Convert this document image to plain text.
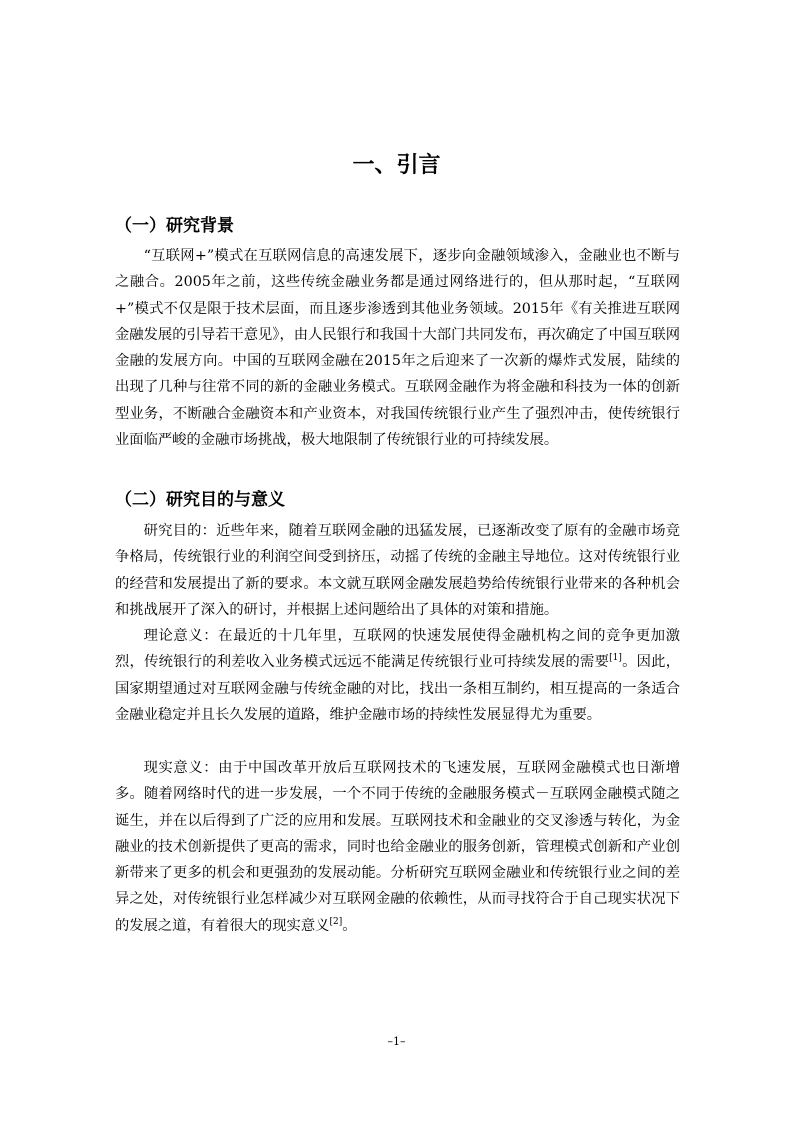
一、引言
（一）研究背景

“互联网+”模式在互联网信息的高速发展下，逐步向金融领域渗入，金融业也不断与之融合。2005年之前，这些传统金融业务都是通过网络进行的，但从那时起，“互联网+”模式不仅是限于技术层面，而且逐步渗透到其他业务领域。2015年《有关推进互联网金融发展的引导若干意见》，由人民银行和我国十大部门共同发布，再次确定了中国互联网金融的发展方向。中国的互联网金融在2015年之后迎来了一次新的爆炸式发展，陆续的出现了几种与往常不同的新的金融业务模式。互联网金融作为将金融和科技为一体的创新型业务，不断融合金融资本和产业资本，对我国传统银行业产生了强烈冲击，使传统银行业面临严峻的金融市场挑战，极大地限制了传统银行业的可持续发展。

（二）研究目的与意义

研究目的：近些年来，随着互联网金融的迅猛发展，已逐渐改变了原有的金融市场竞争格局，传统银行业的利润空间受到挤压，动摇了传统的金融主导地位。这对传统银行业的经营和发展提出了新的要求。本文就互联网金融发展趋势给传统银行业带来的各种机会和挑战展开了深入的研讨，并根据上述问题给出了具体的对策和措施。

理论意义：在最近的十几年里，互联网的快速发展使得金融机构之间的竞争更加激烈，传统银行的利差收入业务模式远远不能满足传统银行业可持续发展的需要[1]。因此，国家期望通过对互联网金融与传统金融的对比，找出一条相互制约，相互提高的一条适合金融业稳定并且长久发展的道路，维护金融市场的持续性发展显得尤为重要。

现实意义：由于中国改革开放后互联网技术的飞速发展，互联网金融模式也日渐增多。随着网络时代的进一步发展，一个不同于传统的金融服务模式－互联网金融模式随之诞生，并在以后得到了广泛的应用和发展。互联网技术和金融业的交叉渗透与转化，为金融业的技术创新提供了更高的需求，同时也给金融业的服务创新，管理模式创新和产业创新带来了更多的机会和更强劲的发展动能。分析研究互联网金融业和传统银行业之间的差异之处，对传统银行业怎样减少对互联网金融的依赖性，从而寻找符合于自己现实状况下的发展之道，有着很大的现实意义[2]。

–1–
